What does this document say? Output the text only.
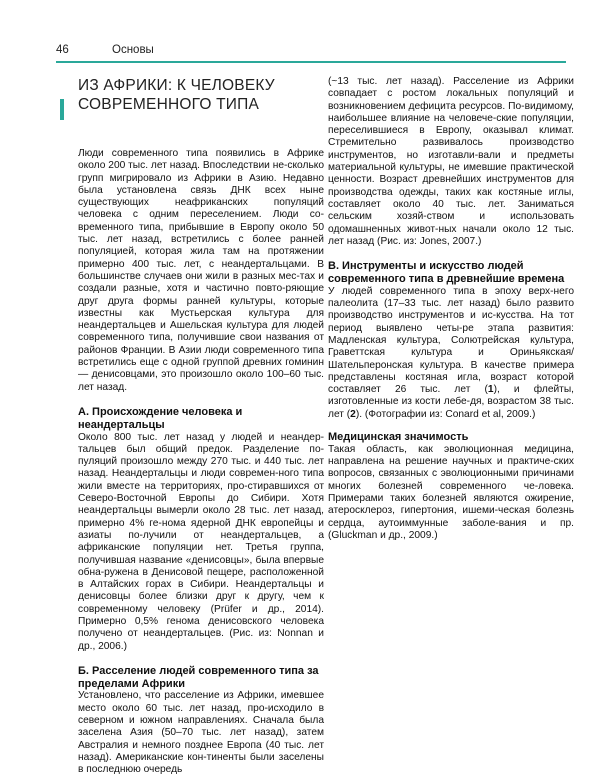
46	Основы
ИЗ АФРИКИ: К ЧЕЛОВЕКУ СОВРЕМЕННОГО ТИПА

Люди современного типа появились в Африке около 200 тыс. лет назад. Впоследствии не-сколько групп мигрировало из Африки в Азию. Недавно была установлена связь ДНК всех ныне существующих неафриканских популяций человека с одним переселением. Люди со-временного типа, прибывшие в Европу около 50 тыс. лет назад, встретились с более ранней популяцией, которая жила там на протяжении примерно 400 тыс. лет, с неандертальцами. В большинстве случаев они жили в разных мес-тах и создали разные, хотя и частично повто-ряющие друг друга формы ранней культуры, которые известны как Мустьерская культура для неандертальцев и Ашельская культура для людей современного типа, получившие свои названия от районов Франции. В Азии люди современного типа встретились еще с одной группой древних гоминин — денисовцами, это произошло около 100–60 тыс. лет назад.

А. Происхождение человека и неандертальцы

Около 800 тыс. лет назад у людей и неандер-тальцев был общий предок. Разделение по-пуляций произошло между 270 тыс. и 440 тыс. лет назад. Неандертальцы и люди современ-ного типа жили вместе на территориях, про-стиравшихся от Северо-Восточной Европы до Сибири. Хотя неандертальцы вымерли около 28 тыс. лет назад, примерно 4% ге-нома ядерной ДНК европейцы и азиаты по-лучили от неандертальцев, а африканские популяции нет. Третья группа, получившая название «денисовцы», была впервые обна-ружена в Денисовой пещере, расположенной в Алтайских горах в Сибири. Неандертальцы и денисовцы более близки друг к другу, чем к современному человеку (Prüfer и др., 2014). Примерно 0,5% генома денисовского человека получено от неандертальцев. (Рис. из: Nonnan и др., 2006.)

Б. Расселение людей современного типа за пределами Африки

Установлено, что расселение из Африки, имевшее место около 60 тыс. лет назад, про-исходило в северном и южном направлениях. Сначала была заселена Азия (50–70 тыс. лет назад), затем Австралия и немного позднее Европа (40 тыс. лет назад). Американские кон-тиненты были заселены в последнюю очередь

(~13 тыс. лет назад). Расселение из Африки совпадает с ростом локальных популяций и возникновением дефицита ресурсов. По-видимому, наибольшее влияние на человече-ские популяции, переселившиеся в Европу, оказывал климат. Стремительно развивалось производство инструментов, но изготавли-вали и предметы материальной культуры, не имевшие практической ценности. Возраст древнейших инструментов для производства одежды, таких как костяные иглы, составляет около 40 тыс. лет. Заниматься сельским хозяй-ством и использовать одомашненных живот-ных начали около 12 тыс. лет назад (Рис. из: Jones, 2007.)

В. Инструменты и искусство людей современного типа в древнейшие времена

У людей современного типа в эпоху верх-него палеолита (17–33 тыс. лет назад) было развито производство инструментов и ис-кусства. На тот период выявлено четы-ре этапа развития: Мадленская культура, Солютрейская культура, Граветтская культура и Ориньякская/Шательперонская культура. В качестве примера представлены костяная игла, возраст которой составляет 26 тыс. лет (1), и флейты, изготовленные из кости лебе-дя, возрастом 38 тыс. лет (2). (Фотографии из: Conard et al, 2009.)

Медицинская значимость

Такая область, как эволюционная медицина, направлена на решение научных и практиче-ских вопросов, связанных с эволюционными причинами многих болезней современного че-ловека. Примерами таких болезней являются ожирение, атеросклероз, гипертония, ишеми-ческая болезнь сердца, аутоиммунные заболе-вания и пр. (Gluckman и др., 2009.)
